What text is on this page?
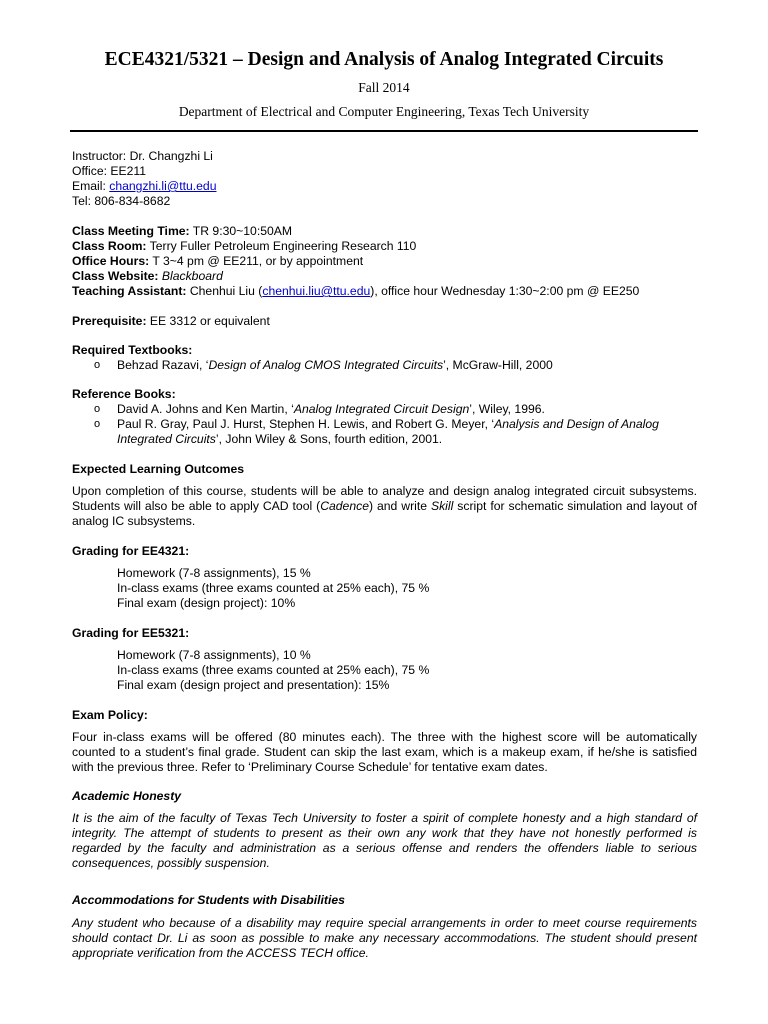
ECE4321/5321 – Design and Analysis of Analog Integrated Circuits
Fall 2014
Department of Electrical and Computer Engineering, Texas Tech University
Instructor: Dr. Changzhi Li
Office: EE211
Email: changzhi.li@ttu.edu
Tel: 806-834-8682
Class Meeting Time: TR 9:30~10:50AM
Class Room: Terry Fuller Petroleum Engineering Research 110
Office Hours: T 3~4 pm @ EE211, or by appointment
Class Website: Blackboard
Teaching Assistant: Chenhui Liu (chenhui.liu@ttu.edu), office hour Wednesday 1:30~2:00 pm @ EE250
Prerequisite: EE 3312 or equivalent
Required Textbooks:
o Behzad Razavi, ‘Design of Analog CMOS Integrated Circuits’, McGraw-Hill, 2000
Reference Books:
o David A. Johns and Ken Martin, ‘Analog Integrated Circuit Design’, Wiley, 1996.
o Paul R. Gray, Paul J. Hurst, Stephen H. Lewis, and Robert G. Meyer, ‘Analysis and Design of Analog
Integrated Circuits’, John Wiley & Sons, fourth edition, 2001.
Expected Learning Outcomes
Upon completion of this course, students will be able to analyze and design analog integrated circuit subsystems. Students will also be able to apply CAD tool (Cadence) and write Skill script for schematic simulation and layout of analog IC subsystems.
Grading for EE4321:
Homework (7-8 assignments), 15 %
In-class exams (three exams counted at 25% each), 75 %
Final exam (design project): 10%
Grading for EE5321:
Homework (7-8 assignments), 10 %
In-class exams (three exams counted at 25% each), 75 %
Final exam (design project and presentation): 15%
Exam Policy:
Four in-class exams will be offered (80 minutes each). The three with the highest score will be automatically counted to a student’s final grade. Student can skip the last exam, which is a makeup exam, if he/she is satisfied with the previous three. Refer to ‘Preliminary Course Schedule’ for tentative exam dates.
Academic Honesty
It is the aim of the faculty of Texas Tech University to foster a spirit of complete honesty and a high standard of integrity. The attempt of students to present as their own any work that they have not honestly performed is regarded by the faculty and administration as a serious offense and renders the offenders liable to serious consequences, possibly suspension.
Accommodations for Students with Disabilities
Any student who because of a disability may require special arrangements in order to meet course requirements should contact Dr. Li as soon as possible to make any necessary accommodations. The student should present appropriate verification from the ACCESS TECH office.
